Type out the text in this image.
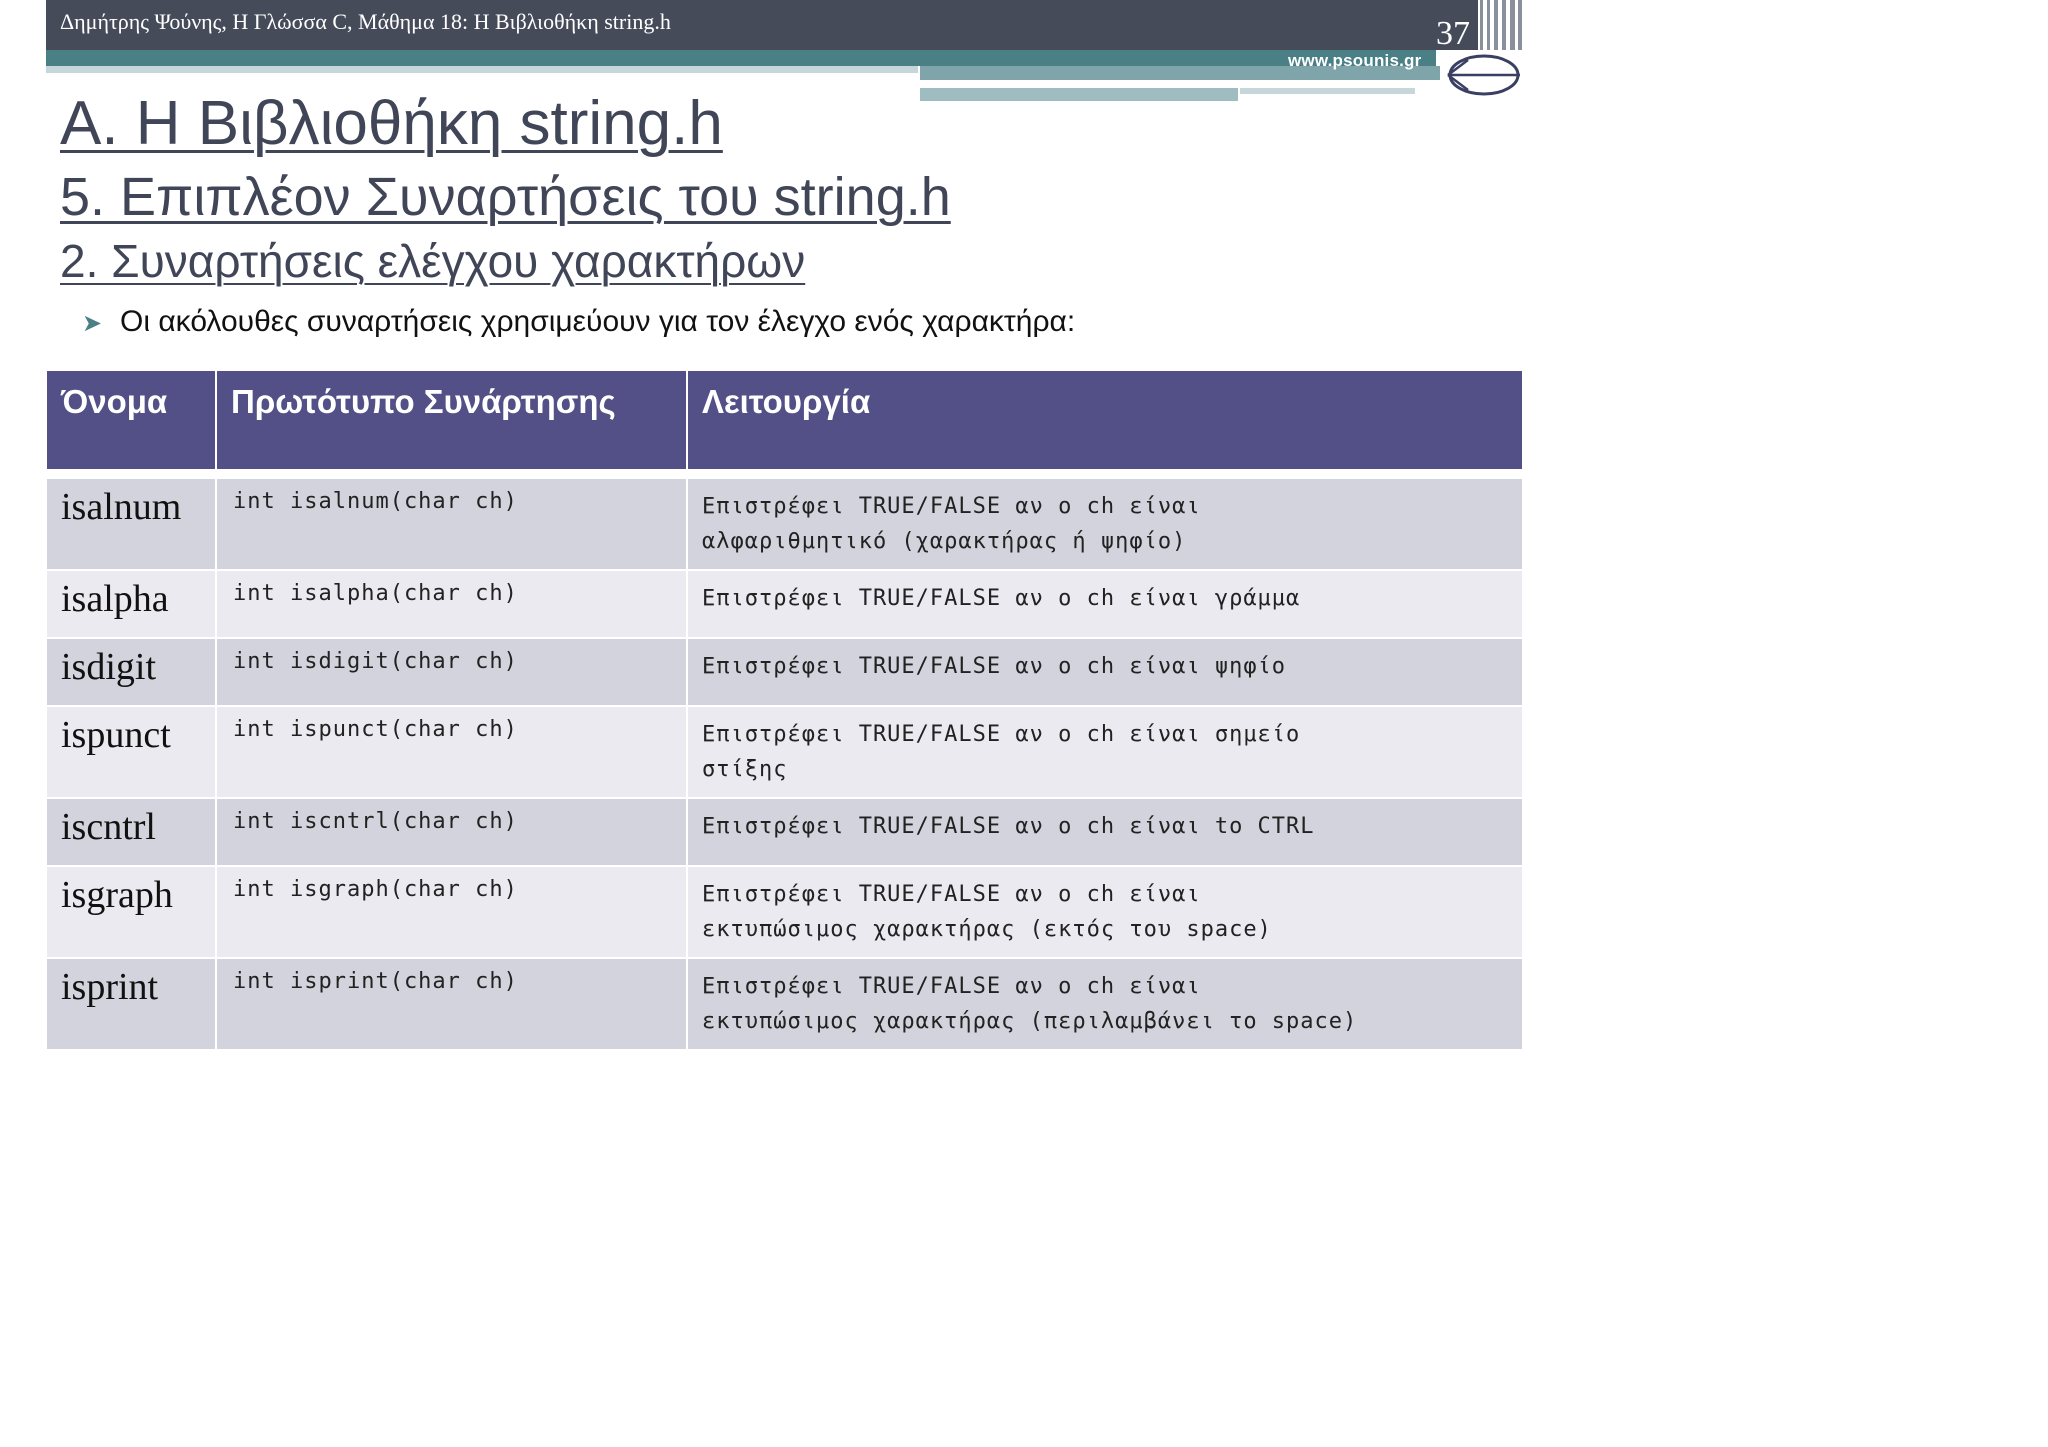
Δημήτρης Ψούνης, Η Γλώσσα C, Μάθημα 18: Η Βιβλιοθήκη string.h
www.psounis.gr
37
Α. Η Βιβλιοθήκη string.h
5. Επιπλέον Συναρτήσεις του string.h
2. Συναρτήσεις ελέγχου χαρακτήρων
➤ Οι ακόλουθες συναρτήσεις χρησιμεύουν για τον έλεγχο ενός χαρακτήρα:
Όνομα	Πρωτότυπο Συνάρτησης	Λειτουργία

isalnum	int isalnum(char ch)	Επιστρέφει TRUE/FALSE αν ο ch είναι
αλφαριθμητικό (χαρακτήρας ή ψηφίο)

isalpha	int isalpha(char ch)	Επιστρέφει TRUE/FALSE αν ο ch είναι γράμμα

isdigit	int isdigit(char ch)	Επιστρέφει TRUE/FALSE αν ο ch είναι ψηφίο

ispunct	int ispunct(char ch)	Επιστρέφει TRUE/FALSE αν ο ch είναι σημείο
στίξης

iscntrl	int iscntrl(char ch)	Επιστρέφει TRUE/FALSE αν ο ch είναι to CTRL

isgraph	int isgraph(char ch)	Επιστρέφει TRUE/FALSE αν ο ch είναι
εκτυπώσιμος χαρακτήρας (εκτός του space)

isprint	int isprint(char ch)	Επιστρέφει TRUE/FALSE αν ο ch είναι
εκτυπώσιμος χαρακτήρας (περιλαμβάνει το space)
